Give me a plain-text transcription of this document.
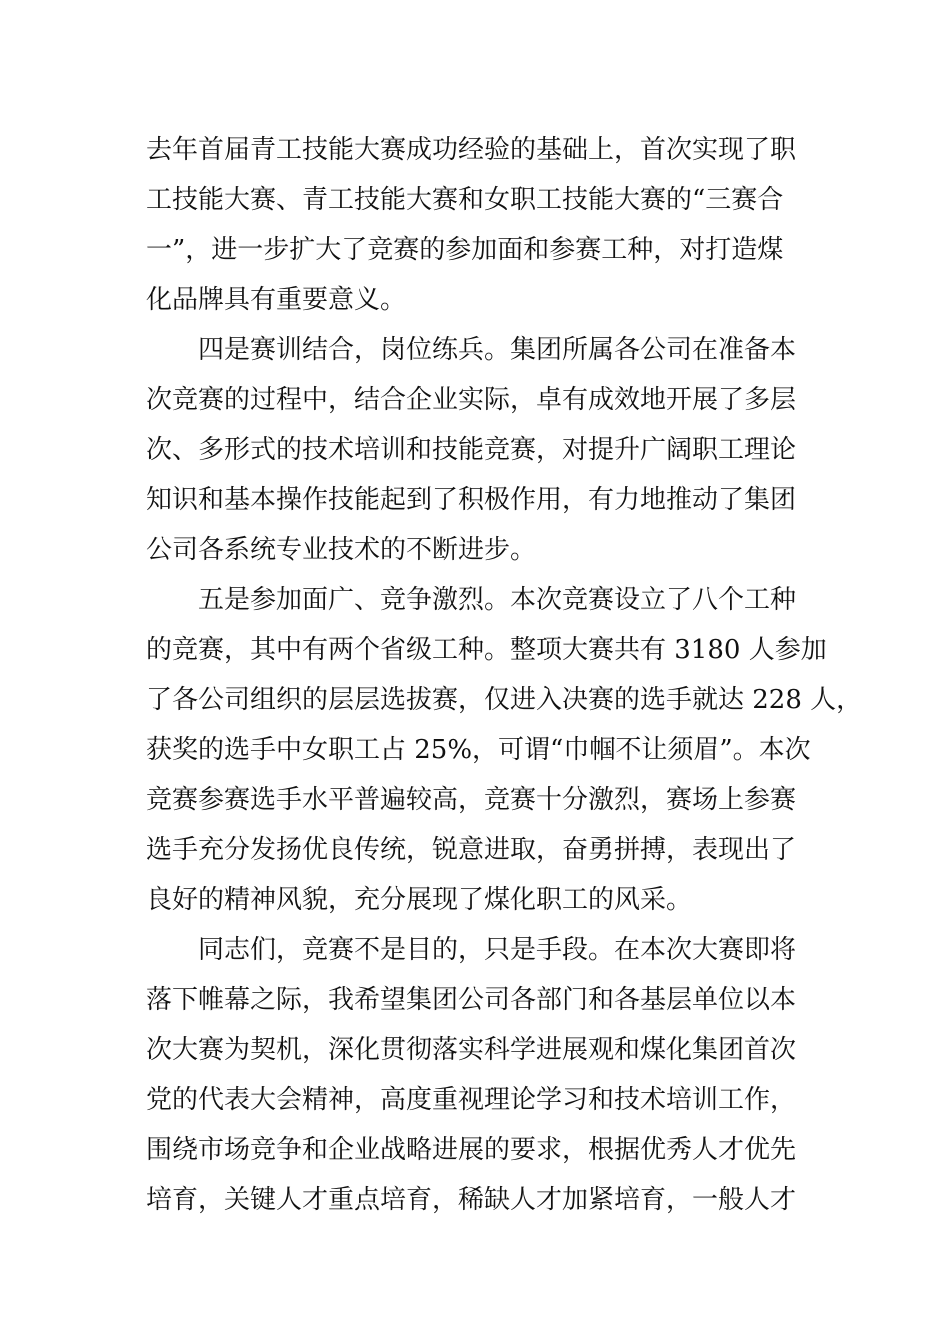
去年首届青工技能大赛成功经验的基础上，首次实现了职
工技能大赛、青工技能大赛和女职工技能大赛的“三赛合
一”，进一步扩大了竞赛的参加面和参赛工种，对打造煤
化品牌具有重要意义。
四是赛训结合，岗位练兵。集团所属各公司在准备本
次竞赛的过程中，结合企业实际，卓有成效地开展了多层
次、多形式的技术培训和技能竞赛，对提升广阔职工理论
知识和基本操作技能起到了积极作用，有力地推动了集团
公司各系统专业技术的不断进步。
五是参加面广、竞争激烈。本次竞赛设立了八个工种
的竞赛，其中有两个省级工种。整项大赛共有 3180 人参加
了各公司组织的层层选拔赛，仅进入决赛的选手就达 228 人，
获奖的选手中女职工占 25%，可谓“巾帼不让须眉”。本次
竞赛参赛选手水平普遍较高，竞赛十分激烈，赛场上参赛
选手充分发扬优良传统，锐意进取，奋勇拼搏，表现出了
良好的精神风貌，充分展现了煤化职工的风采。
同志们，竞赛不是目的，只是手段。在本次大赛即将
落下帷幕之际，我希望集团公司各部门和各基层单位以本
次大赛为契机，深化贯彻落实科学进展观和煤化集团首次
党的代表大会精神，高度重视理论学习和技术培训工作，
围绕市场竞争和企业战略进展的要求，根据优秀人才优先
培育，关键人才重点培育，稀缺人才加紧培育，一般人才
